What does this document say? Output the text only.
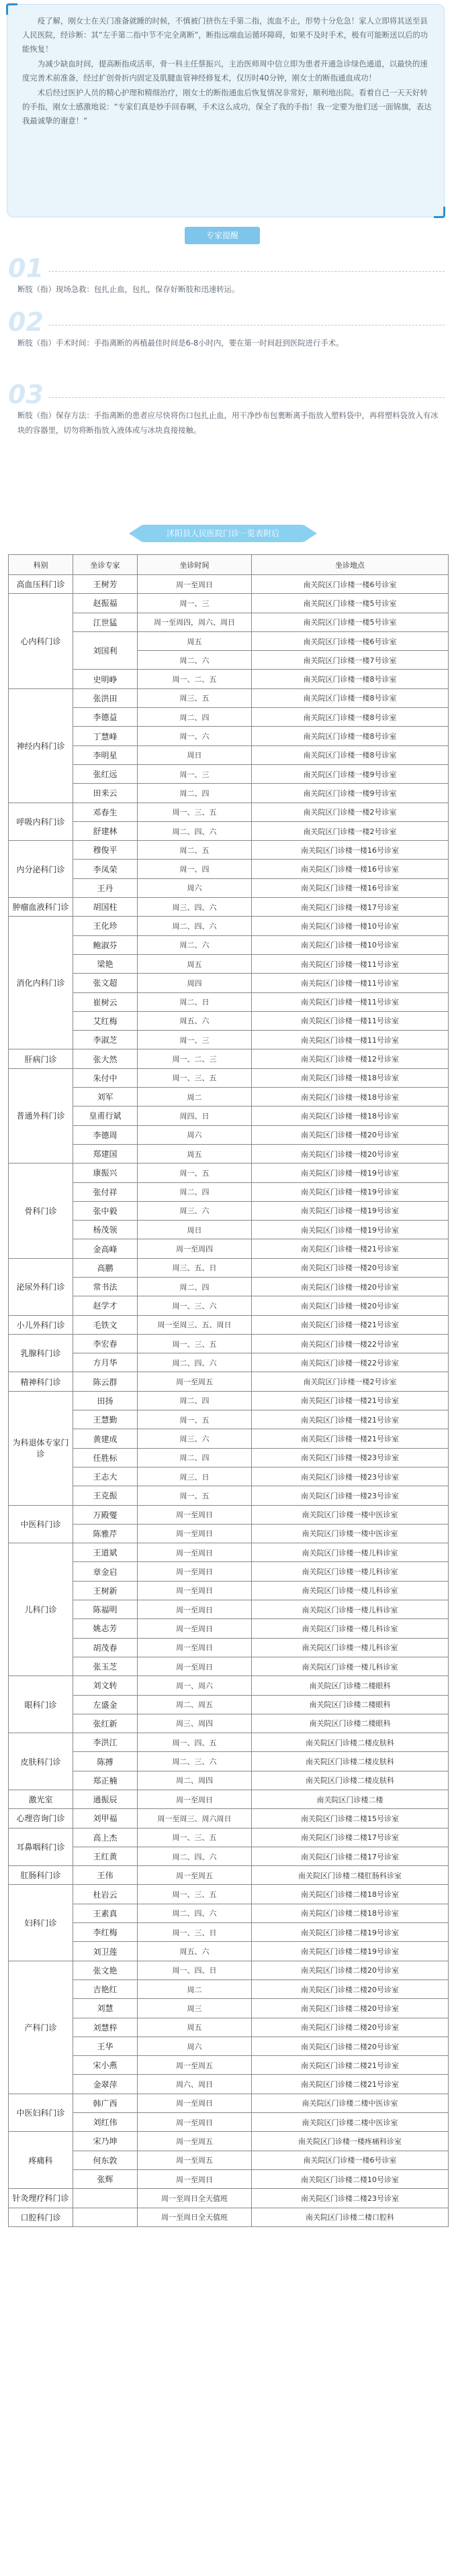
疫了解，刚女士在关门准备就睡的时候，不慎被门挤伤左手第二指，流血不止，形势十分危急！家人立即将其送至县人民医院，经诊断：其“左手第二指中节不完全离断”，断指远端血运循环障碍，如果不及时手术，极有可能断送以后的功能恢复！

为减少缺血时间，提高断指成活率，骨一科主任蔡振兴，主治医师周中信立即为患者开通急诊绿色通道，以最快的速度完善术前准备，经过扩创骨折内固定及肌腱血管神经修复术，仅历时40分钟，刚女士的断指通血成功！

术后经过医护人员的精心护理和精细治疗，刚女士的断指通血后恢复情况非常好，顺利地出院。看着自己一天天好转的手指，刚女士感激地说：“专家们真是妙手回春啊，手术这么成功，保全了我的手指！我一定要为他们送一面锦旗，表达我最诚挚的谢意！”

专家提醒
01
断肢（指）现场急救：包扎止血，包扎，保存好断肢和迅速转运。
02
断肢（指）手术时间：手指离断的再植最佳时间是6-8小时内，要在第一时间赶到医院进行手术。
03
断肢（指）保存方法：手指离断的患者应尽快将伤口包扎止血，用干净纱布包裹断离手指放入塑料袋中，再将塑料袋放入有冰块的容器里，切勿将断指放入液体或与冰块直接接触。
沭阳县人民医院门诊一览表附后
科别	坐诊专家	坐诊时间	坐诊地点
高血压科门诊	王树芳	周一至周日	南关院区门诊楼一楼6号诊室
心内科门诊	赵振福	周一、三	南关院区门诊楼一楼5号诊室
	江世猛	周一至周四，周六、周日	南关院区门诊楼一楼5号诊室
	刘国利	周五	南关院区门诊楼一楼6号诊室
		周二、六	南关院区门诊楼一楼7号诊室
	史明峥	周一、二、五	南关院区门诊楼一楼8号诊室
神经内科门诊	张洪田	周三、五	南关院区门诊楼一楼8号诊室
	李德益	周二、四	南关院区门诊楼一楼8号诊室
	丁慧峰	周一、六	南关院区门诊楼一楼8号诊室
	李明星	周日	南关院区门诊楼一楼8号诊室
	张红远	周一、三	南关院区门诊楼一楼9号诊室
	田来云	周二、四	南关院区门诊楼一楼9号诊室
呼吸内科门诊	邓春生	周一、三、五	南关院区门诊楼一楼2号诊室
	舒建林	周二、四、六	南关院区门诊楼一楼2号诊室
内分泌科门诊	穆俊平	周二、五	南关院区门诊楼一楼16号诊室
	李凤荣	周一、四	南关院区门诊楼一楼16号诊室
	王丹	周六	南关院区门诊楼一楼16号诊室
肿瘤血液科门诊	胡国柱	周三、四、六	南关院区门诊楼一楼17号诊室
消化内科门诊	王化珍	周二、四、六	南关院区门诊楼一楼10号诊室
	鲍淑芬	周二、六	南关院区门诊楼一楼10号诊室
	梁艳	周五	南关院区门诊楼一楼11号诊室
	张文超	周四	南关院区门诊楼一楼11号诊室
	崔树云	周二、日	南关院区门诊楼一楼11号诊室
	艾红梅	周五、六	南关院区门诊楼一楼11号诊室
	李淑芝	周一、三	南关院区门诊楼一楼11号诊室
肝病门诊	张大然	周一、二、三	南关院区门诊楼一楼12号诊室
普通外科门诊	朱付中	周一、三、五	南关院区门诊楼一楼18号诊室
	刘军	周二	南关院区门诊楼一楼18号诊室
	皇甫行斌	周四、日	南关院区门诊楼一楼18号诊室
	李德周	周六	南关院区门诊楼一楼20号诊室
	郑建国	周五	南关院区门诊楼一楼20号诊室
骨科门诊	康振兴	周一、五	南关院区门诊楼一楼19号诊室
	张付祥	周二、四	南关院区门诊楼一楼19号诊室
	张中毅	周三、六	南关院区门诊楼一楼19号诊室
	杨茂领	周日	南关院区门诊楼一楼19号诊室
	金高峰	周一至周四	南关院区门诊楼一楼21号诊室
泌尿外科门诊	高鹏	周三、五、日	南关院区门诊楼一楼20号诊室
	常书法	周二、四	南关院区门诊楼一楼20号诊室
	赵学才	周一、三、六	南关院区门诊楼一楼20号诊室
小儿外科门诊	毛铁文	周一至周三、五、周日	南关院区门诊楼一楼21号诊室
乳腺科门诊	李宏春	周一、三、五	南关院区门诊楼一楼22号诊室
	方月华	周二、四、六	南关院区门诊楼一楼22号诊室
精神科门诊	陈云群	周一至周五	南关院区门诊楼一楼2号诊室
为科退体专家门诊	田扬	周二、四	南关院区门诊楼一楼21号诊室
	王慧勤	周一、五	南关院区门诊楼一楼21号诊室
	黄建成	周三、六	南关院区门诊楼一楼21号诊室
	任胜标	周二、四	南关院区门诊楼一楼23号诊室
	王志大	周三、日	南关院区门诊楼一楼23号诊室
	王克振	周一、五	南关院区门诊楼一楼23号诊室
中医科门诊	万殿燮	周一至周日	南关院区门诊楼一楼中医诊室
	陈雅芹	周一至周日	南关院区门诊楼一楼中医诊室
儿科门诊	王道斌	周一至周日	南关院区门诊楼一楼儿科诊室
	章金启	周一至周日	南关院区门诊楼一楼儿科诊室
	王树新	周一至周日	南关院区门诊楼一楼儿科诊室
	陈福明	周一至周日	南关院区门诊楼一楼儿科诊室
	姚志芳	周一至周日	南关院区门诊楼一楼儿科诊室
	胡茂春	周一至周日	南关院区门诊楼一楼儿科诊室
	张玉芝	周一至周日	南关院区门诊楼一楼儿科诊室
眼科门诊	刘文转	周一、周六	南关院区门诊楼二楼眼科
	左盛金	周二、周五	南关院区门诊楼二楼眼科
	张红新	周三、周四	南关院区门诊楼二楼眼科
皮肤科门诊	李洪江	周一、四、五	南关院区门诊楼二楼皮肤科
	陈搏	周二、三、六	南关院区门诊楼二楼皮肤科
	郑正楠	周二、周四	南关院区门诊楼二楼皮肤科
激光室	通振辰	周一至周日	南关院区门诊楼二楼
心理咨询门诊	刘甲福	周一至周三、周六周日	南关院区门诊楼二楼15号诊室
耳鼻咽科门诊	高上杰	周一、三、五	南关院区门诊楼二楼17号诊室
	王红黄	周二、四、六	南关院区门诊楼二楼17号诊室
肛肠科门诊	王伟	周一至周五	南关院区门诊楼二楼肛肠科诊室
妇科门诊	杜岩云	周一、三、五	南关院区门诊楼二楼18号诊室
	王素真	周二、四、六	南关院区门诊楼二楼18号诊室
	李红梅	周一、三、日	南关院区门诊楼二楼19号诊室
	刘卫莲	周五、六	南关院区门诊楼二楼19号诊室
产科门诊	张文艳	周一、四、日	南关院区门诊楼二楼20号诊室
	吉艳红	周二	南关院区门诊楼二楼20号诊室
	刘慧	周三	南关院区门诊楼二楼20号诊室
	刘慧梓	周五	南关院区门诊楼二楼20号诊室
	王华	周六	南关院区门诊楼二楼20号诊室
	宋小燕	周一至周五	南关院区门诊楼二楼21号诊室
	金翠萍	周六、周日	南关院区门诊楼二楼21号诊室
中医妇科门诊	韩广西	周一至周日	南关院区门诊楼二楼中医诊室
	刘红伟	周一至周日	南关院区门诊楼二楼中医诊室
疼痛科	宋乃坤	周一至周五	南关院区门诊楼一楼疼痛科诊室
	何东敦	周一至周五	南关院区门诊楼一楼6号诊室
	张辉	周一至周日	南关院区门诊楼二楼10号诊室
针灸理疗科门诊		周一至周日全天值班	南关院区门诊楼二楼23号诊室
口腔科门诊		周一至周日全天值班	南关院区门诊楼二楼口腔科
